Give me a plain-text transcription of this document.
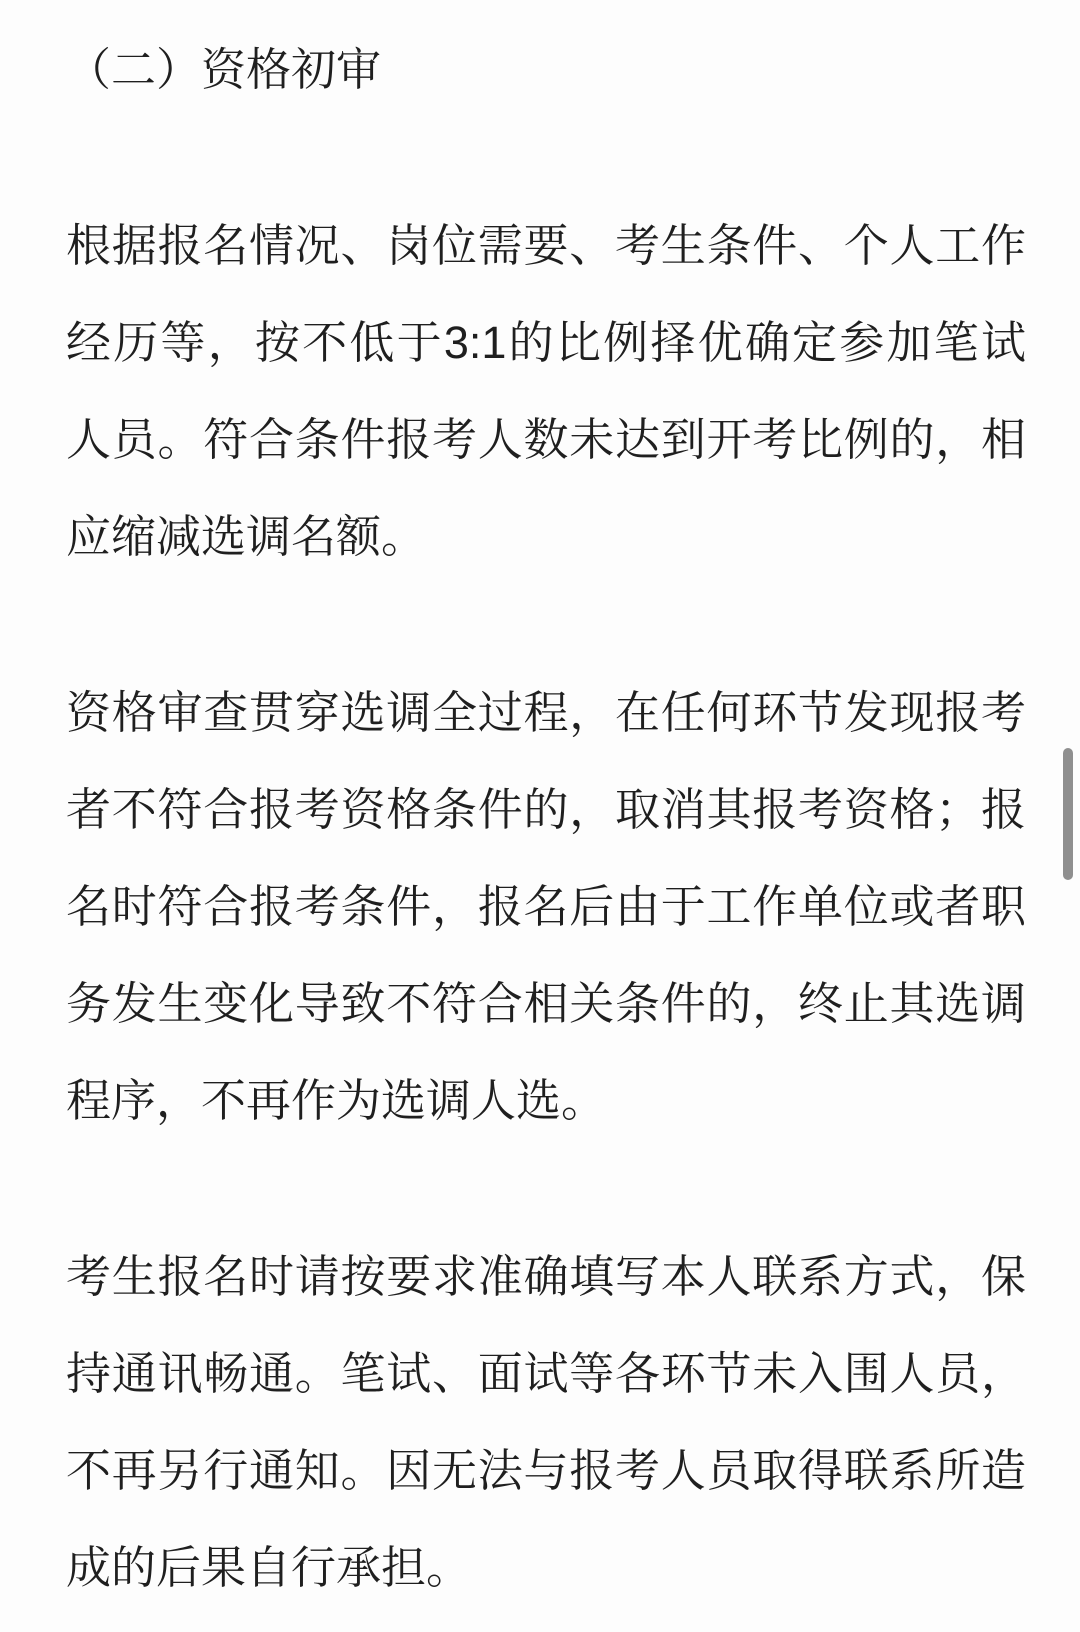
（二）资格初审
根据报名情况、岗位需要、考生条件、个人工作
经历等，按不低于3:1的比例择优确定参加笔试
人员。符合条件报考人数未达到开考比例的，相
应缩减选调名额。
资格审查贯穿选调全过程，在任何环节发现报考
者不符合报考资格条件的，取消其报考资格；报
名时符合报考条件，报名后由于工作单位或者职
务发生变化导致不符合相关条件的，终止其选调
程序，不再作为选调人选。
考生报名时请按要求准确填写本人联系方式，保
持通讯畅通。笔试、面试等各环节未入围人员，
不再另行通知。因无法与报考人员取得联系所造
成的后果自行承担。
